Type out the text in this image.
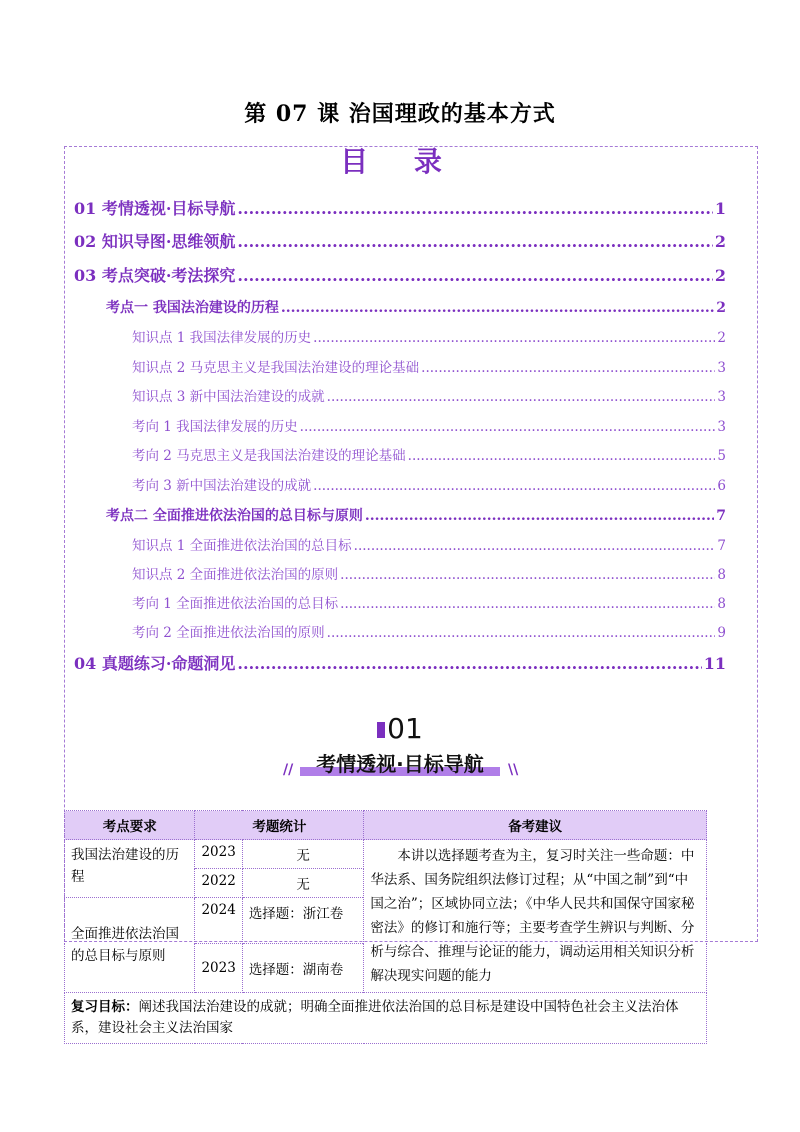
第 07 课 治国理政的基本方式
目 录
01 考情透视·目标导航 .....	1
02 知识导图·思维领航 .....	2
03 考点突破·考法探究 .....	2
考点一 我国法治建设的历程 .....	2
知识点 1 我国法律发展的历史 .....	2
知识点 2 马克思主义是我国法治建设的理论基础 .....	3
知识点 3 新中国法治建设的成就 .....	3
考向 1 我国法律发展的历史 .....	3
考向 2 马克思主义是我国法治建设的理论基础 .....	5
考向 3 新中国法治建设的成就 .....	6
考点二 全面推进依法治国的总目标与原则 .....	7
知识点 1 全面推进依法治国的总目标 .....	7
知识点 2 全面推进依法治国的原则 .....	8
考向 1 全面推进依法治国的总目标 .....	8
考向 2 全面推进依法治国的原则 .....	9
04 真题练习·命题洞见 .....	11
01
//	考情透视·目标导航	\\
考点要求	考题统计		备考建议
我国法治建设的历程	2023	无	本讲以选择题考查为主，复习时关注一些命题：中华法系、国务院组织法修订过程；从“中国之制”到“中国之治”；区域协同立法；《中华人民共和国保守国家秘密法》的修订和施行等；主要考查学生辨识与判断、分析与综合、推理与论证的能力，调动运用相关知识分析解决现实问题的能力
	2022	无	
全面推进依法治国的总目标与原则	2024	选择题：浙江卷	
	2023	选择题：湖南卷	
复习目标：阐述我国法治建设的成就；明确全面推进依法治国的总目标是建设中国特色社会主义法治体系，建设社会主义法治国家			
